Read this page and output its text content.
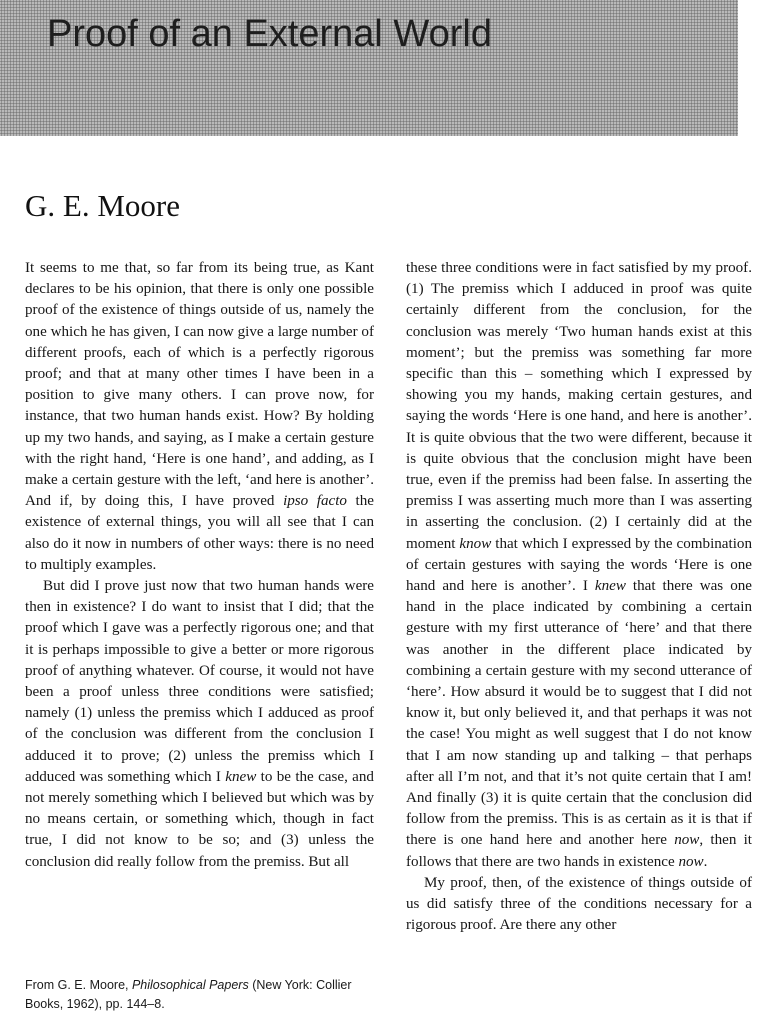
Proof of an External World
G. E. Moore

It seems to me that, so far from its being true, as Kant declares to be his opinion, that there is only one possible proof of the existence of things outside of us, namely the one which he has given, I can now give a large number of different proofs, each of which is a perfectly rigorous proof; and that at many other times I have been in a position to give many others. I can prove now, for instance, that two human hands exist. How? By holding up my two hands, and saying, as I make a certain gesture with the right hand, ‘Here is one hand’, and adding, as I make a certain gesture with the left, ‘and here is another’. And if, by doing this, I have proved ipso facto the existence of external things, you will all see that I can also do it now in numbers of other ways: there is no need to multiply examples.

But did I prove just now that two human hands were then in existence? I do want to insist that I did; that the proof which I gave was a perfectly rigorous one; and that it is perhaps impossible to give a better or more rigorous proof of anything whatever. Of course, it would not have been a proof unless three conditions were satisfied; namely (1) unless the premiss which I adduced as proof of the conclusion was different from the conclusion I adduced it to prove; (2) unless the premiss which I adduced was something which I knew to be the case, and not merely something which I believed but which was by no means certain, or something which, though in fact true, I did not know to be so; and (3) unless the conclusion did really follow from the premiss. But all

these three conditions were in fact satisfied by my proof. (1) The premiss which I adduced in proof was quite certainly different from the conclusion, for the conclusion was merely ‘Two human hands exist at this moment’; but the premiss was something far more specific than this – something which I expressed by showing you my hands, making certain gestures, and saying the words ‘Here is one hand, and here is another’. It is quite obvious that the two were different, because it is quite obvious that the conclusion might have been true, even if the premiss had been false. In asserting the premiss I was asserting much more than I was asserting in asserting the conclusion. (2) I certainly did at the moment know that which I expressed by the combination of certain gestures with saying the words ‘Here is one hand and here is another’. I knew that there was one hand in the place indicated by combining a certain gesture with my first utterance of ‘here’ and that there was another in the different place indicated by combining a certain gesture with my second utterance of ‘here’. How absurd it would be to suggest that I did not know it, but only believed it, and that perhaps it was not the case! You might as well suggest that I do not know that I am now standing up and talking – that perhaps after all I’m not, and that it’s not quite certain that I am! And finally (3) it is quite certain that the conclusion did follow from the premiss. This is as certain as it is that if there is one hand here and another here now, then it follows that there are two hands in existence now.

My proof, then, of the existence of things outside of us did satisfy three of the conditions necessary for a rigorous proof. Are there any other

From G. E. Moore, Philosophical Papers (New York: Collier Books, 1962), pp. 144–8.
